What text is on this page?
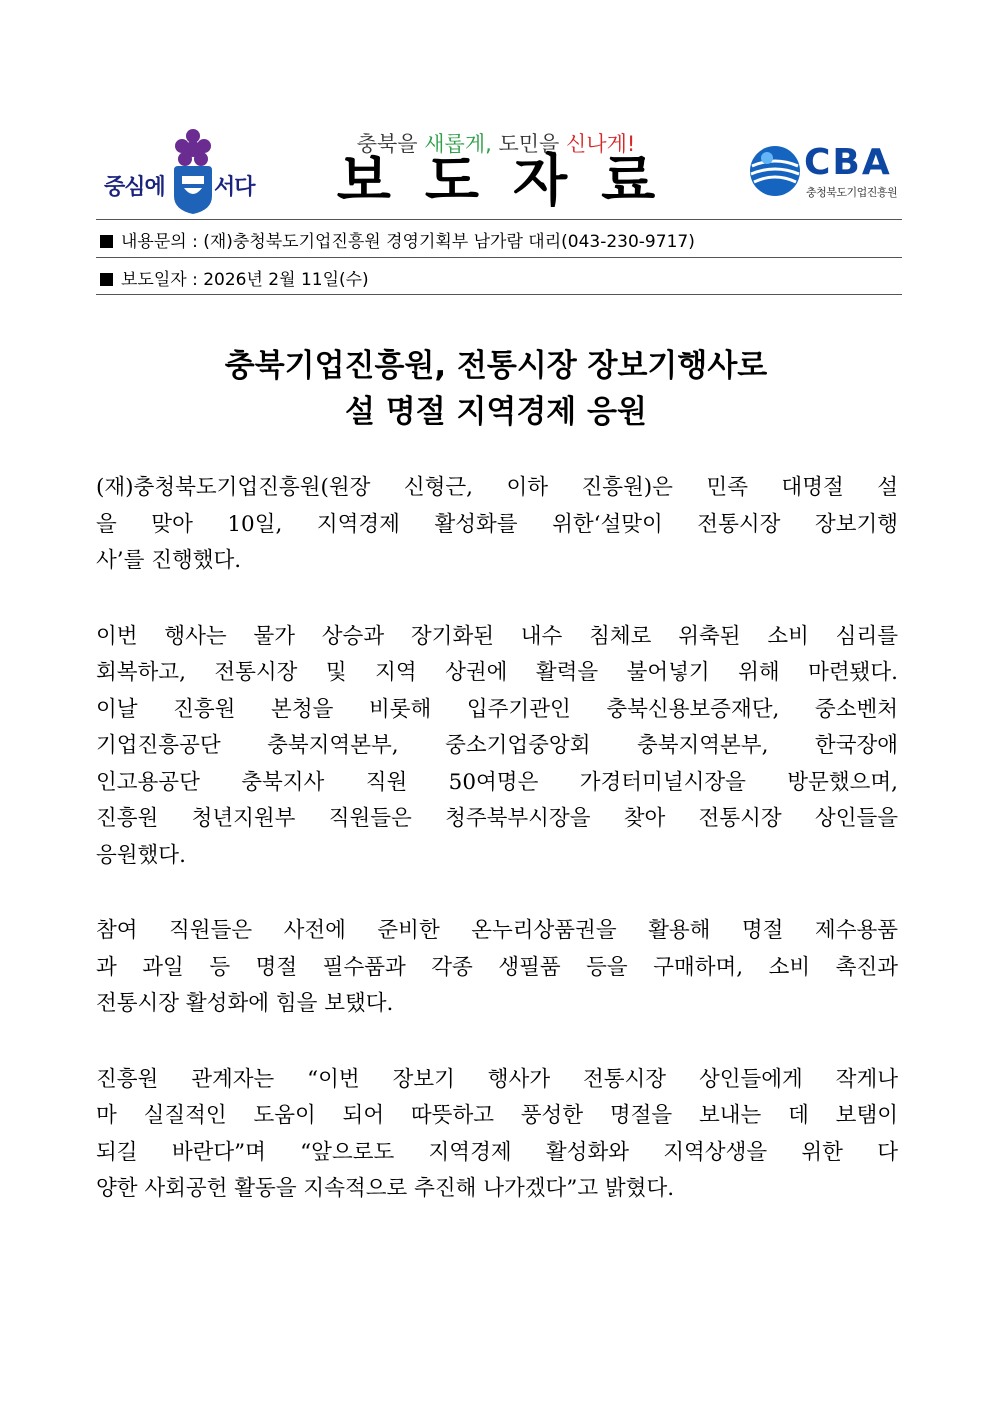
중심에 서다
충북을 새롭게, 도민을 신나게!
보도자료	CBA
충청북도기업진흥원
내용문의 : (재)충청북도기업진흥원 경영기획부 남가람 대리(043-230-9717)
보도일자 : 2026년 2월 11일(수)
충북기업진흥원, 전통시장 장보기행사로
설 명절 지역경제 응원

(재)충청북도기업진흥원(원장 신형근, 이하 진흥원)은 민족 대명절 설
을 맞아 10일, 지역경제 활성화를 위한‘설맞이 전통시장 장보기행
사’를 진행했다.

이번 행사는 물가 상승과 장기화된 내수 침체로 위축된 소비 심리를
회복하고, 전통시장 및 지역 상권에 활력을 불어넣기 위해 마련됐다.
이날 진흥원 본청을 비롯해 입주기관인 충북신용보증재단, 중소벤처
기업진흥공단 충북지역본부, 중소기업중앙회 충북지역본부, 한국장애
인고용공단 충북지사 직원 50여명은 가경터미널시장을 방문했으며,
진흥원 청년지원부 직원들은 청주북부시장을 찾아 전통시장 상인들을
응원했다.

참여 직원들은 사전에 준비한 온누리상품권을 활용해 명절 제수용품
과 과일 등 명절 필수품과 각종 생필품 등을 구매하며, 소비 촉진과
전통시장 활성화에 힘을 보탰다.

진흥원 관계자는 “이번 장보기 행사가 전통시장 상인들에게 작게나
마 실질적인 도움이 되어 따뜻하고 풍성한 명절을 보내는 데 보탬이
되길 바란다”며 “앞으로도 지역경제 활성화와 지역상생을 위한 다
양한 사회공헌 활동을 지속적으로 추진해 나가겠다”고 밝혔다.
